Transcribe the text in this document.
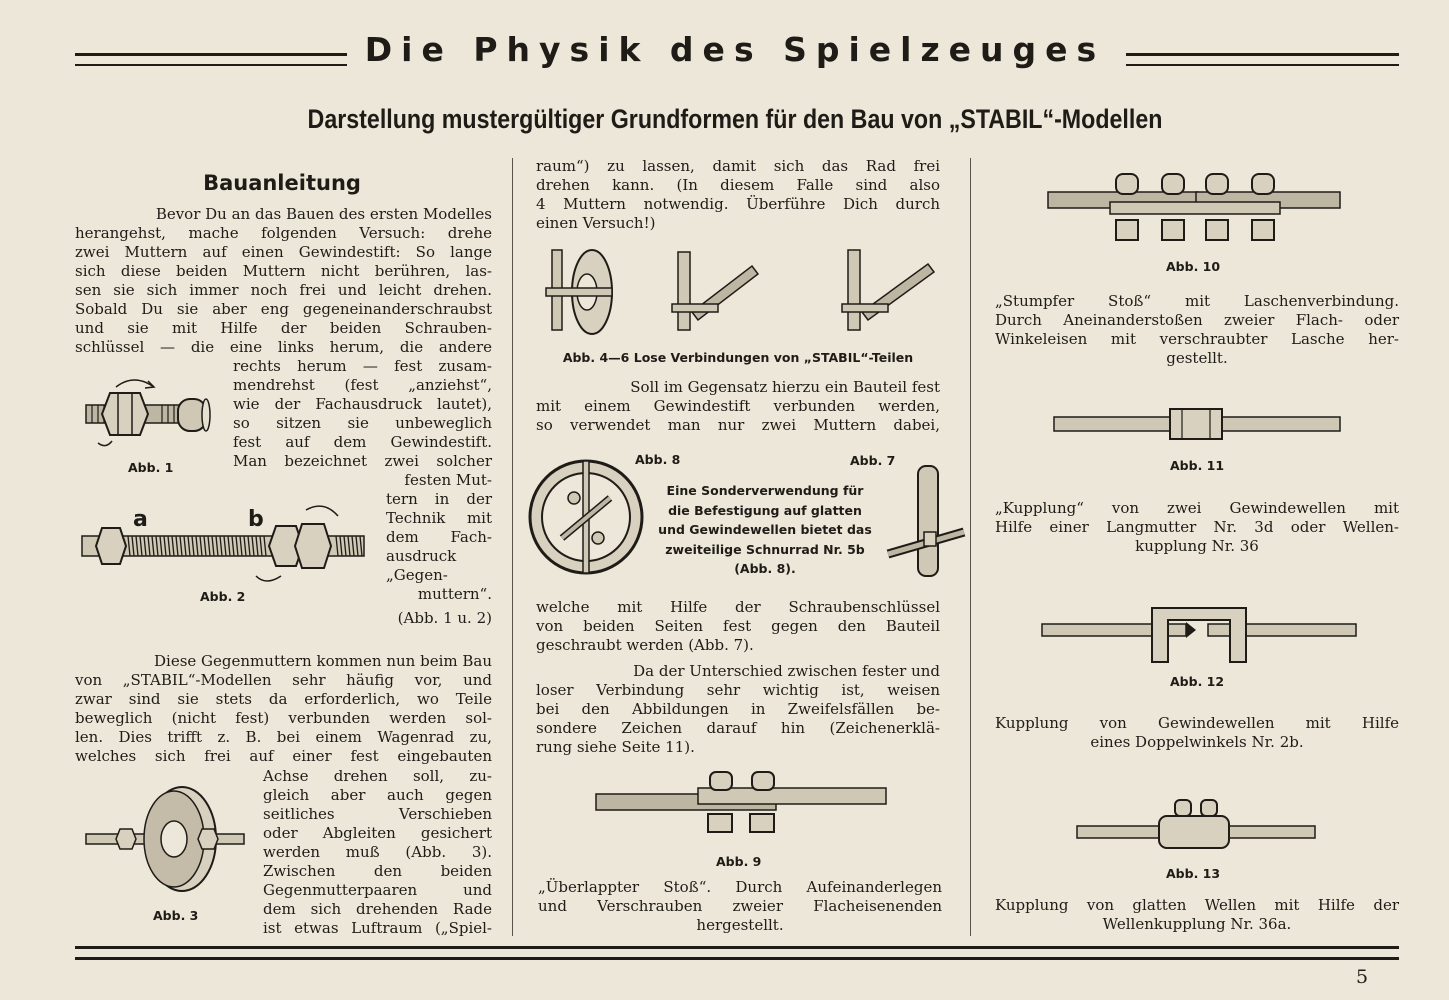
Die Physik des Spielzeuges
Darstellung mustergültiger Grundformen für den Bau von „STABIL“-Modellen
Bauanleitung
Bevor Du an das Bauen des ersten Modelles
herangehst, mache folgenden Versuch: drehe
zwei Muttern auf einen Gewindestift: So lange
sich diese beiden Muttern nicht berühren, las-
sen sie sich immer noch frei und leicht drehen.
Sobald Du sie aber eng gegeneinanderschraubst
und sie mit Hilfe der beiden Schrauben-
schlüssel — die eine links herum, die andere
rechts herum — fest zusam-
mendrehst (fest „anziehst“,
wie der Fachausdruck lautet),
so sitzen sie unbeweglich
fest auf dem Gewindestift.
Man bezeichnet zwei solcher
festen Mut-
tern in der
Technik mit
dem Fach-
ausdruck
„Gegen-
muttern“.
(Abb. 1 u. 2)
Diese Gegenmuttern kommen nun beim Bau
von „STABIL“-Modellen sehr häufig vor, und
zwar sind sie stets da erforderlich, wo Teile
beweglich (nicht fest) verbunden werden sol-
len. Dies trifft z. B. bei einem Wagenrad zu,
welches sich frei auf einer fest eingebauten
Achse drehen soll, zu-
gleich aber auch gegen
seitliches Verschieben
oder Abgleiten gesichert
werden muß (Abb. 3).
Zwischen den beiden
Gegenmutterpaaren und
dem sich drehenden Rade
ist etwas Luftraum („Spiel-
Abb. 1
a	b
Abb. 2
Abb. 3
raum“) zu lassen, damit sich das Rad frei
drehen kann. (In diesem Falle sind also
4 Muttern notwendig. Überführe Dich durch
einen Versuch!)
Abb. 4—6 Lose Verbindungen von „STABIL“-Teilen
Soll im Gegensatz hierzu ein Bauteil fest
mit einem Gewindestift verbunden werden,
so verwendet man nur zwei Muttern dabei,
Abb. 8	Abb. 7
Eine Sonderverwendung für
die Befestigung auf glatten
und Gewindewellen bietet das
zweiteilige Schnurrad Nr. 5b
(Abb. 8).
welche mit Hilfe der Schraubenschlüssel
von beiden Seiten fest gegen den Bauteil
geschraubt werden (Abb. 7).
Da der Unterschied zwischen fester und
loser Verbindung sehr wichtig ist, weisen
bei den Abbildungen in Zweifelsfällen be-
sondere Zeichen darauf hin (Zeichenerklä-
rung siehe Seite 11).
Abb. 9
„Überlappter Stoß“. Durch Aufeinanderlegen
und Verschrauben zweier Flacheisenenden
hergestellt.
Abb. 10
„Stumpfer Stoß“ mit Laschenverbindung.
Durch Aneinanderstoßen zweier Flach- oder
Winkeleisen mit verschraubter Lasche her-
gestellt.
Abb. 11
„Kupplung“ von zwei Gewindewellen mit
Hilfe einer Langmutter Nr. 3d oder Wellen-
kupplung Nr. 36
Abb. 12
Kupplung von Gewindewellen mit Hilfe
eines Doppelwinkels Nr. 2b.
Abb. 13
Kupplung von glatten Wellen mit Hilfe der
Wellenkupplung Nr. 36a.
5
